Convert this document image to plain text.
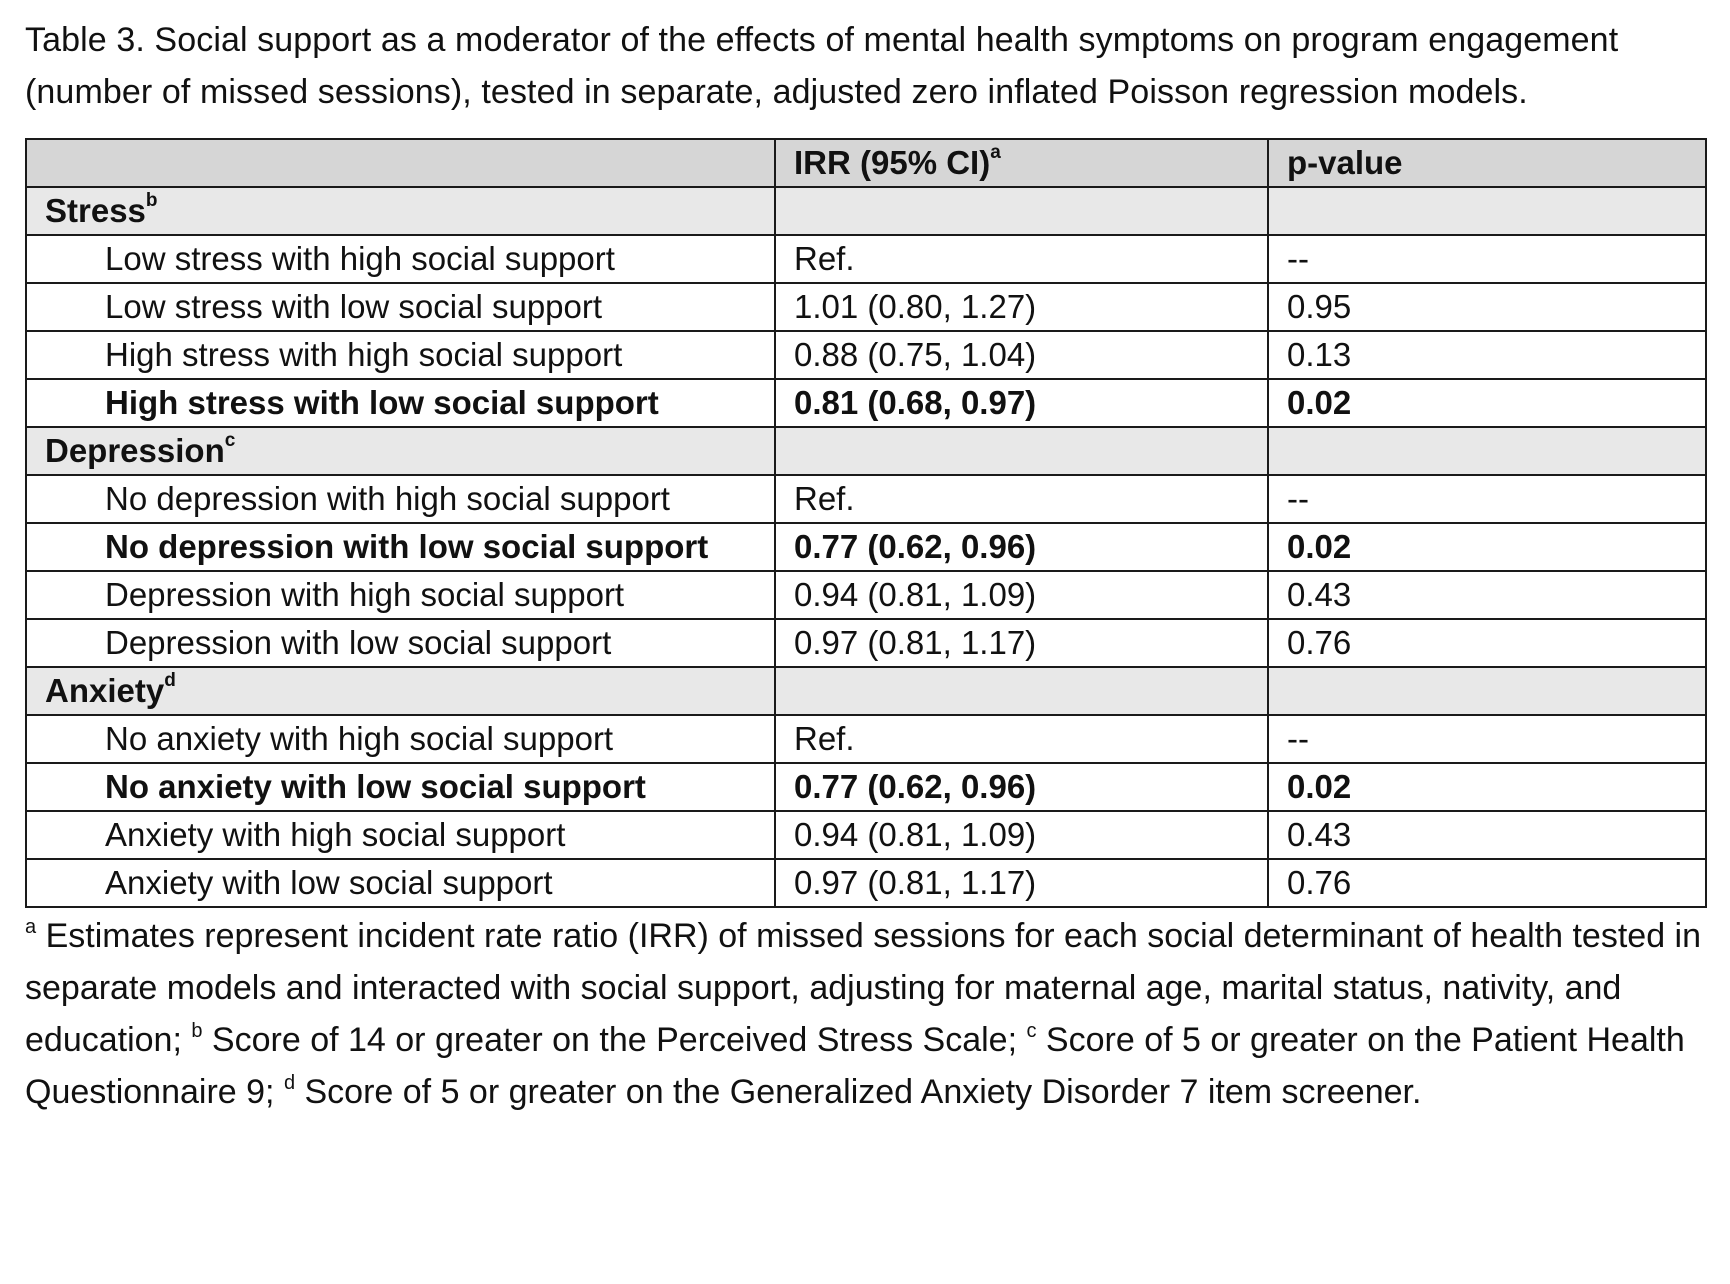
Table 3. Social support as a moderator of the effects of mental health symptoms on program engagement (number of missed sessions), tested in separate, adjusted zero inflated Poisson regression models.

	IRR (95% CI)$^a$	p-value
Stress$^b$		
Low stress with high social support	Ref.	--
Low stress with low social support	1.01 (0.80, 1.27)	0.95
High stress with high social support	0.88 (0.75, 1.04)	0.13
High stress with low social support	0.81 (0.68, 0.97)	0.02
Depression$^c$		
No depression with high social support	Ref.	--
No depression with low social support	0.77 (0.62, 0.96)	0.02
Depression with high social support	0.94 (0.81, 1.09)	0.43
Depression with low social support	0.97 (0.81, 1.17)	0.76
Anxiety$^d$		
No anxiety with high social support	Ref.	--
No anxiety with low social support	0.77 (0.62, 0.96)	0.02
Anxiety with high social support	0.94 (0.81, 1.09)	0.43
Anxiety with low social support	0.97 (0.81, 1.17)	0.76

$^a$ Estimates represent incident rate ratio (IRR) of missed sessions for each social determinant of health tested in separate models and interacted with social support, adjusting for maternal age, marital status, nativity, and education; $^b$ Score of 14 or greater on the Perceived Stress Scale; $^c$ Score of 5 or greater on the Patient Health Questionnaire 9; $^d$ Score of 5 or greater on the Generalized Anxiety Disorder 7 item screener.
